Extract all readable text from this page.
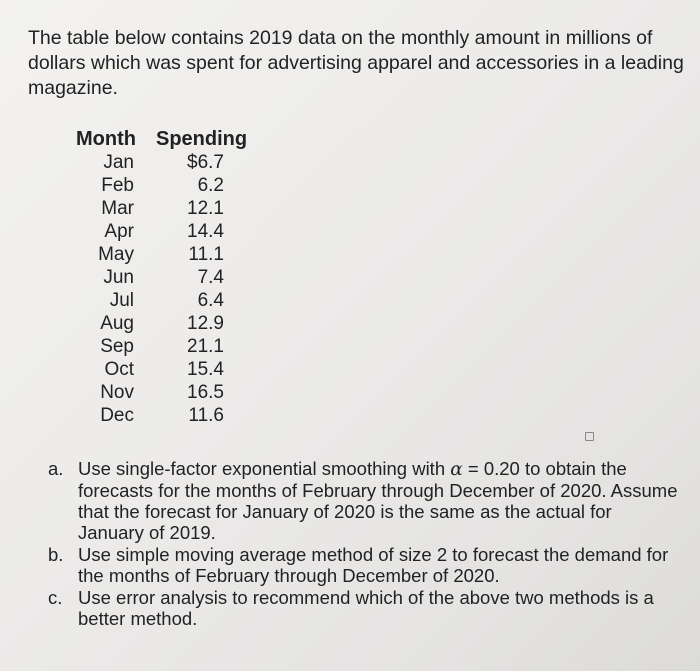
The table below contains 2019 data on the monthly amount in millions of dollars which was spent for advertising apparel and accessories in a leading magazine.
Month	Spending
Jan	$6.7
Feb	6.2
Mar	12.1
Apr	14.4
May	11.1
Jun	7.4
Jul	6.4
Aug	12.9
Sep	21.1
Oct	15.4
Nov	16.5
Dec	11.6
a. Use single-factor exponential smoothing with α = 0.20 to obtain the forecasts for the months of February through December of 2020. Assume that the forecast for January of 2020 is the same as the actual for January of 2019.
b. Use simple moving average method of size 2 to forecast the demand for the months of February through December of 2020.
c. Use error analysis to recommend which of the above two methods is a better method.
